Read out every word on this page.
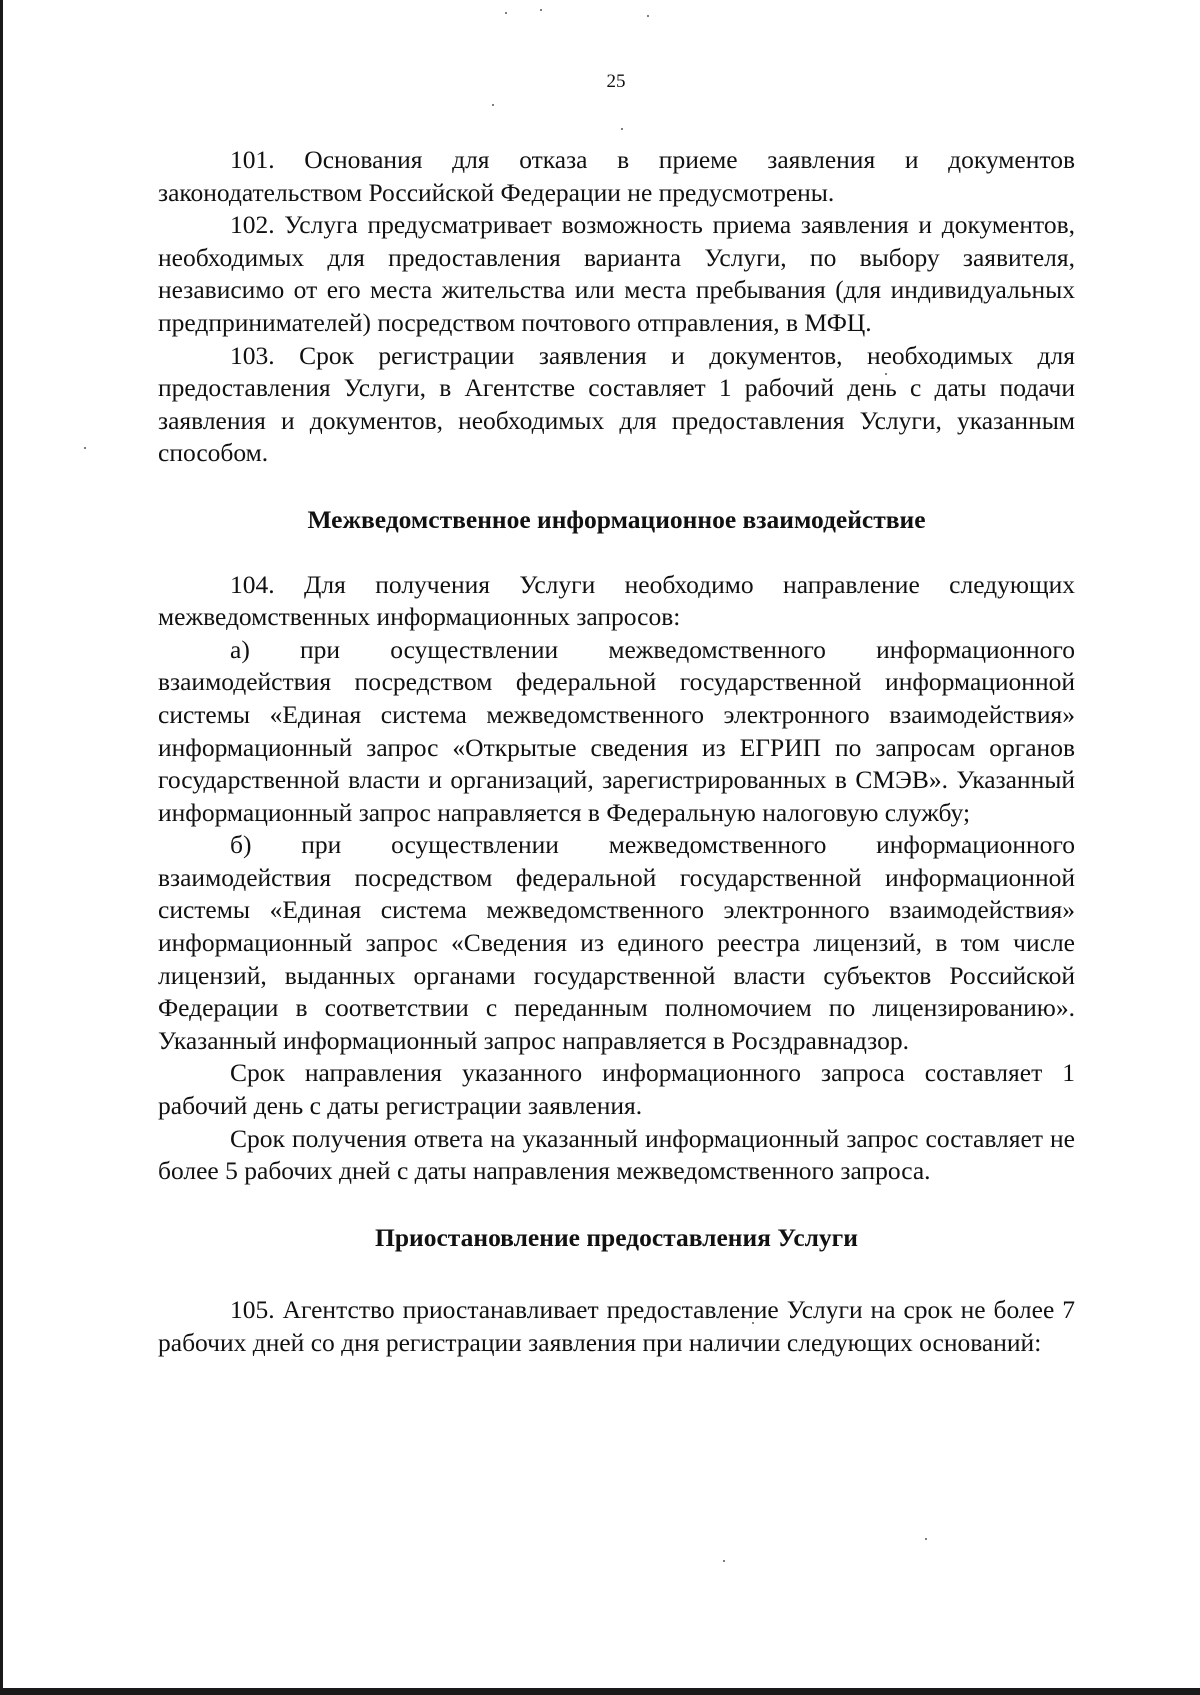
25

101. Основания для отказа в приеме заявления и документов законодательством Российской Федерации не предусмотрены.

102. Услуга предусматривает возможность приема заявления и документов, необходимых для предоставления варианта Услуги, по выбору заявителя, независимо от его места жительства или места пребывания (для индивидуальных предпринимателей) посредством почтового отправления, в МФЦ.

103. Срок регистрации заявления и документов, необходимых для предоставления Услуги, в Агентстве составляет 1 рабочий день с даты подачи заявления и документов, необходимых для предоставления Услуги, указанным способом.

Межведомственное информационное взаимодействие

104. Для получения Услуги необходимо направление следующих межведомственных информационных запросов:

а) при осуществлении межведомственного информационного взаимодействия посредством федеральной государственной информационной системы «Единая система межведомственного электронного взаимодействия» информационный запрос «Открытые сведения из ЕГРИП по запросам органов государственной власти и организаций, зарегистрированных в СМЭВ». Указанный информационный запрос направляется в Федеральную налоговую службу;

б) при осуществлении межведомственного информационного взаимодействия посредством федеральной государственной информационной системы «Единая система межведомственного электронного взаимодействия» информационный запрос «Сведения из единого реестра лицензий, в том числе лицензий, выданных органами государственной власти субъектов Российской Федерации в соответствии с переданным полномочием по лицензированию». Указанный информационный запрос направляется в Росздравнадзор.

Срок направления указанного информационного запроса составляет 1 рабочий день с даты регистрации заявления.

Срок получения ответа на указанный информационный запрос составляет не более 5 рабочих дней с даты направления межведомственного запроса.

Приостановление предоставления Услуги

105. Агентство приостанавливает предоставление Услуги на срок не более 7 рабочих дней со дня регистрации заявления при наличии следующих оснований:
